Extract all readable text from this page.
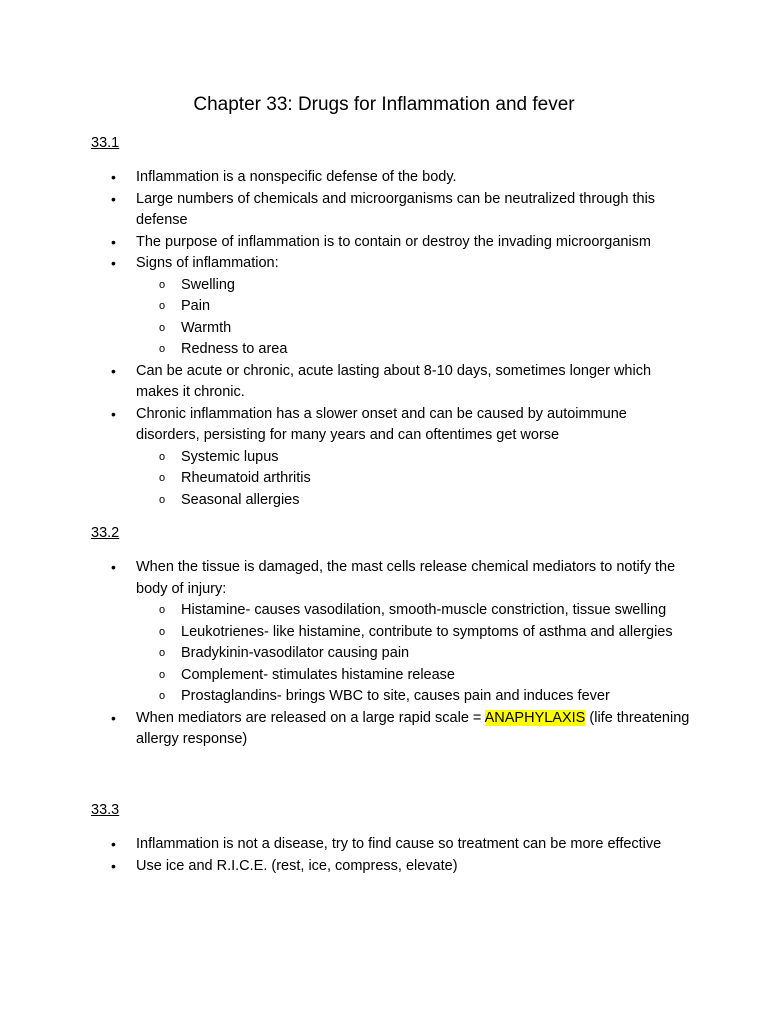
Chapter 33: Drugs for Inflammation and fever

33.1

• Inflammation is a nonspecific defense of the body.
• Large numbers of chemicals and microorganisms can be neutralized through this defense
• The purpose of inflammation is to contain or destroy the invading microorganism
• Signs of inflammation:
o Swelling
o Pain
o Warmth
o Redness to area
• Can be acute or chronic, acute lasting about 8-10 days, sometimes longer which makes it chronic.
• Chronic inflammation has a slower onset and can be caused by autoimmune disorders, persisting for many years and can oftentimes get worse
o Systemic lupus
o Rheumatoid arthritis
o Seasonal allergies

33.2

• When the tissue is damaged, the mast cells release chemical mediators to notify the body of injury:
o Histamine- causes vasodilation, smooth-muscle constriction, tissue swelling
o Leukotrienes- like histamine, contribute to symptoms of asthma and allergies
o Bradykinin-vasodilator causing pain
o Complement- stimulates histamine release
o Prostaglandins- brings WBC to site, causes pain and induces fever
• When mediators are released on a large rapid scale = ANAPHYLAXIS (life threatening allergy response)

33.3

• Inflammation is not a disease, try to find cause so treatment can be more effective
• Use ice and R.I.C.E. (rest, ice, compress, elevate)
